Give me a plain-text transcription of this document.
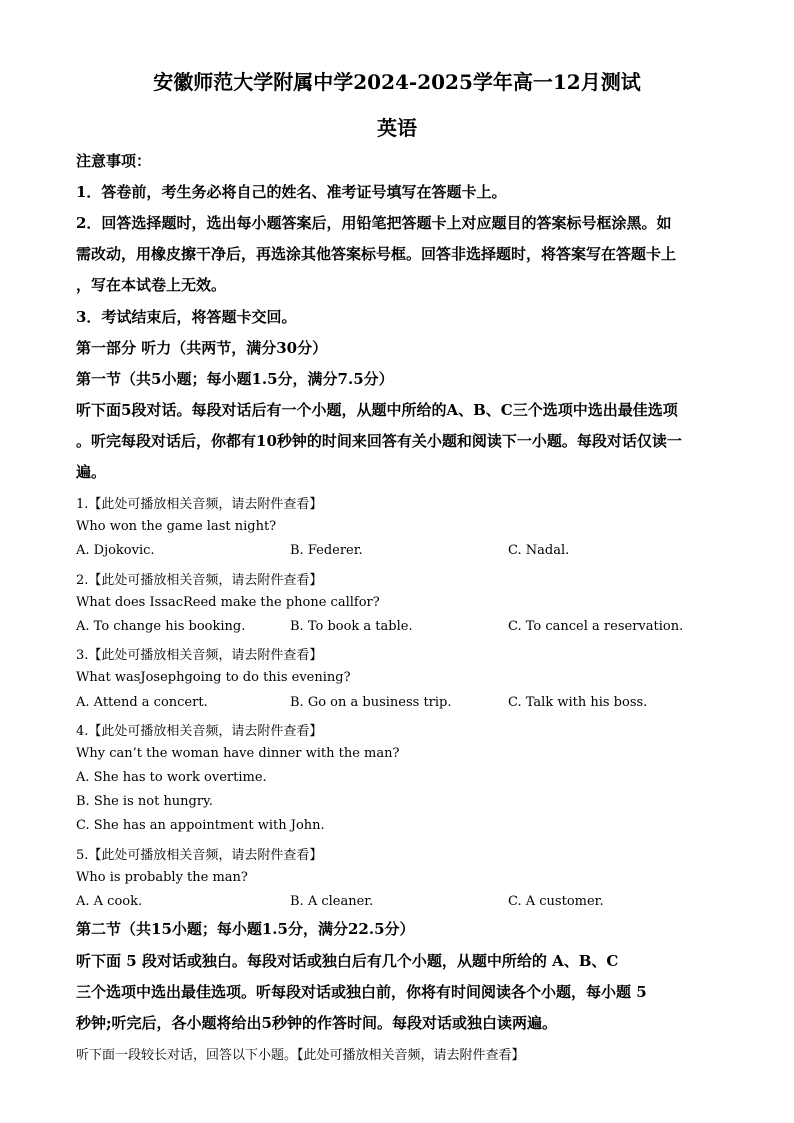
安徽师范大学附属中学2024-2025学年高一12月测试
英语
注意事项：
1．答卷前，考生务必将自己的姓名、准考证号填写在答题卡上。
2．回答选择题时，选出每小题答案后，用铅笔把答题卡上对应题目的答案标号框涂黑。如
需改动，用橡皮擦干净后，再选涂其他答案标号框。回答非选择题时，将答案写在答题卡上
，写在本试卷上无效。
3．考试结束后，将答题卡交回。
第一部分 听力（共两节，满分30分）
第一节（共5小题；每小题1.5分，满分7.5分）
听下面5段对话。每段对话后有一个小题，从题中所给的A、B、C三个选项中选出最佳选项
。听完每段对话后，你都有10秒钟的时间来回答有关小题和阅读下一小题。每段对话仅读一
遍。
1.【此处可播放相关音频，请去附件查看】
Who won the game last night?
A. Djokovic.	B. Federer.	C. Nadal.
2.【此处可播放相关音频，请去附件查看】
What does IssacReed make the phone callfor?
A. To change his booking.	B. To book a table.	C. To cancel a reservation.
3.【此处可播放相关音频，请去附件查看】
What wasJosephgoing to do this evening?
A. Attend a concert.	B. Go on a business trip.	C. Talk with his boss.
4.【此处可播放相关音频，请去附件查看】
Why can’t the woman have dinner with the man?
A. She has to work overtime.
B. She is not hungry.
C. She has an appointment with John.
5.【此处可播放相关音频，请去附件查看】
Who is probably the man?
A. A cook.	B. A cleaner.	C. A customer.
第二节（共15小题；每小题1.5分，满分22.5分）
听下面 5 段对话或独白。每段对话或独白后有几个小题，从题中所给的 A、B、C
三个选项中选出最佳选项。听每段对话或独白前，你将有时间阅读各个小题，每小题 5
秒钟;听完后，各小题将给出5秒钟的作答时间。每段对话或独白读两遍。
听下面一段较长对话，回答以下小题。【此处可播放相关音频，请去附件查看】
